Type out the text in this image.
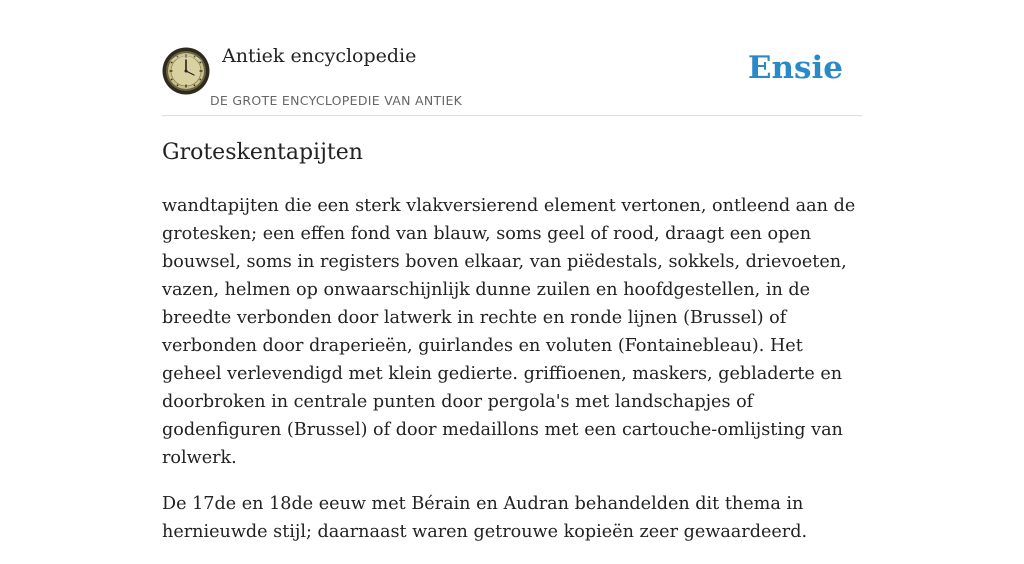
Antiek encyclopedie
DE GROTE ENCYCLOPEDIE VAN ANTIEK
Ensie
Groteskentapijten

wandtapijten die een sterk vlakversierend element vertonen, ontleend aan de grotesken; een effen fond van blauw, soms geel of rood, draagt een open bouwsel, soms in registers boven elkaar, van piëdestals, sokkels, drievoeten, vazen, helmen op onwaarschijnlijk dunne zuilen en hoofdgestellen, in de breedte verbonden door latwerk in rechte en ronde lijnen (Brussel) of verbonden door draperieën, guirlandes en voluten (Fontainebleau). Het geheel verlevendigd met klein gedierte. griffioenen, maskers, gebladerte en doorbroken in centrale punten door pergola's met landschapjes of godenfiguren (Brussel) of door medaillons met een cartouche-omlijsting van rolwerk.

De 17de en 18de eeuw met Bérain en Audran behandelden dit thema in hernieuwde stijl; daarnaast waren getrouwe kopieën zeer gewaardeerd.
